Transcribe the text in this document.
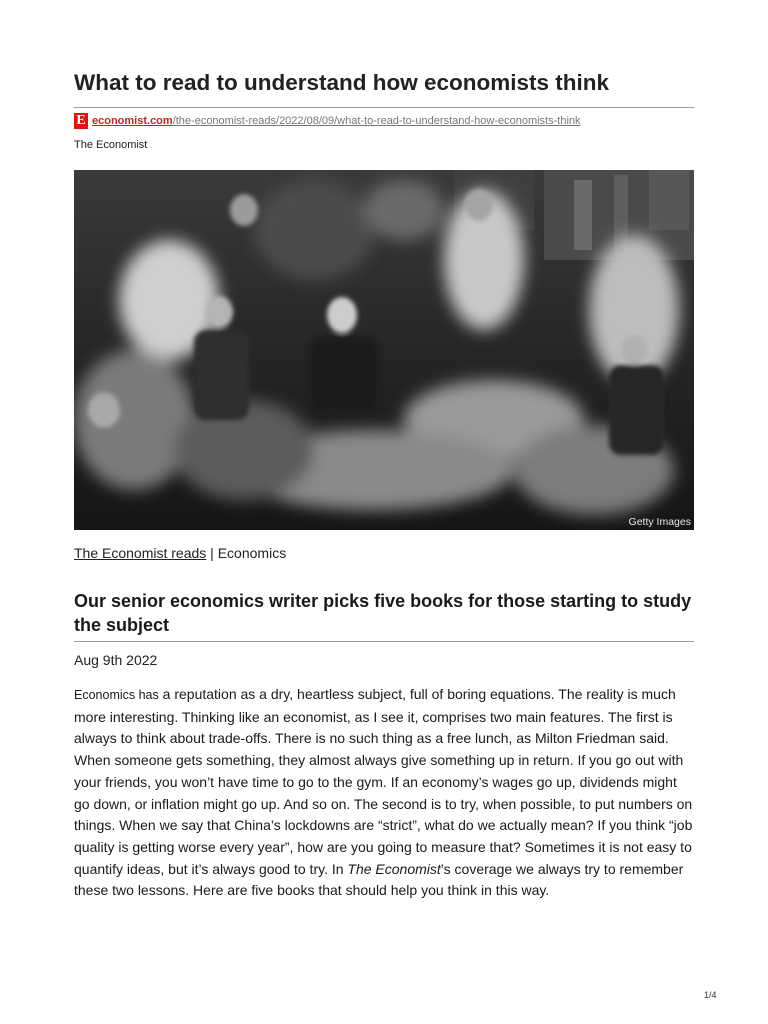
What to read to understand how economists think
E economist.com /the-economist-reads/2022/08/09/what-to-read-to-understand-how-economists-think
The Economist
Getty Images
The Economist reads | Economics
Our senior economics writer picks five books for those starting to study the subject
Aug 9th 2022

Economics has a reputation as a dry, heartless subject, full of boring equations. The reality is much more interesting. Thinking like an economist, as I see it, comprises two main features. The first is always to think about trade-offs. There is no such thing as a free lunch, as Milton Friedman said. When someone gets something, they almost always give something up in return. If you go out with your friends, you won’t have time to go to the gym. If an economy’s wages go up, dividends might go down, or inflation might go up. And so on. The second is to try, when possible, to put numbers on things. When we say that China’s lockdowns are “strict”, what do we actually mean? If you think “job quality is getting worse every year”, how are you going to measure that? Sometimes it is not easy to quantify ideas, but it’s always good to try. In The Economist’s coverage we always try to remember these two lessons. Here are five books that should help you think in this way.

1/4
